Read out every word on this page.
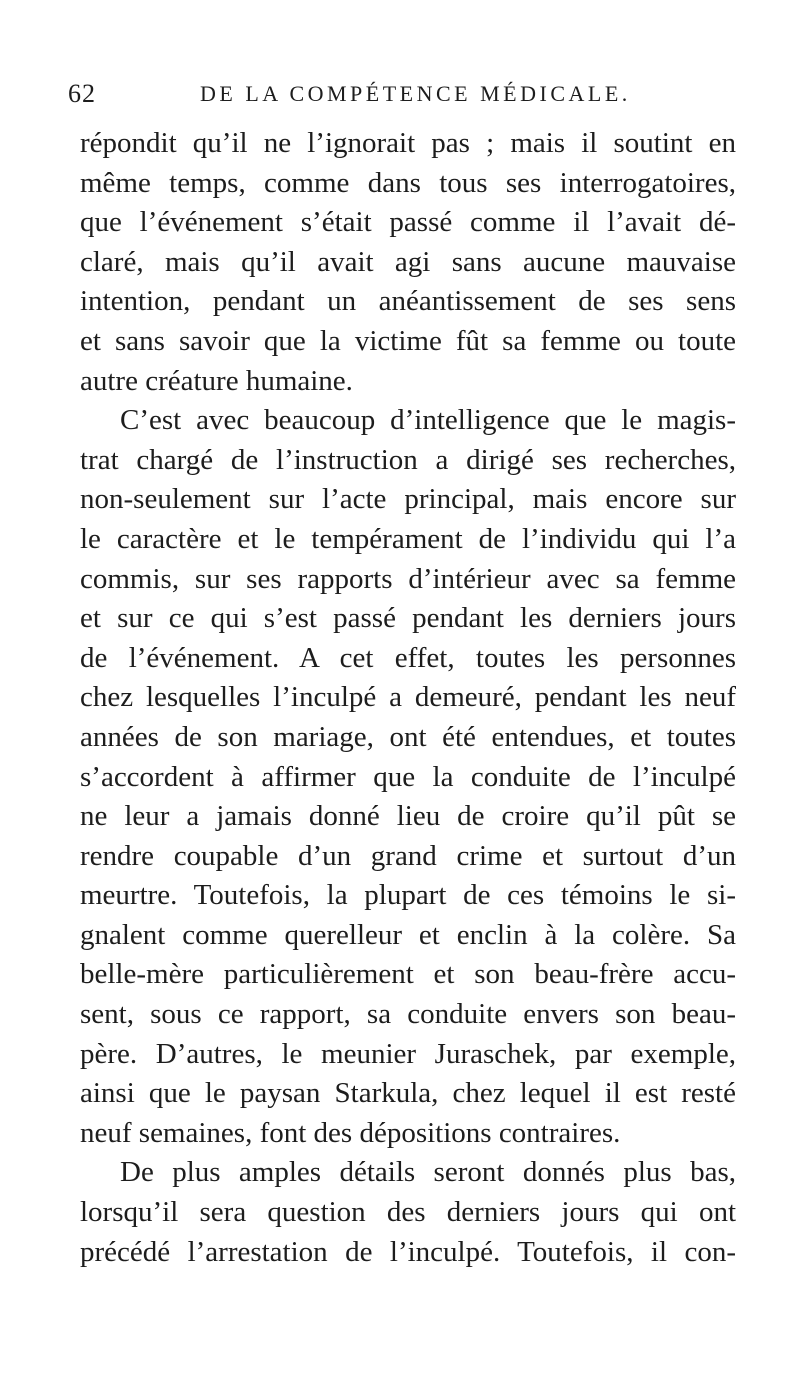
62	DE LA COMPÉTENCE MÉDICALE.
répondit qu’il ne l’ignorait pas ; mais il soutint en
même temps, comme dans tous ses interrogatoires,
que l’événement s’était passé comme il l’avait dé-
claré, mais qu’il avait agi sans aucune mauvaise
intention, pendant un anéantissement de ses sens
et sans savoir que la victime fût sa femme ou toute
autre créature humaine.
C’est avec beaucoup d’intelligence que le magis-
trat chargé de l’instruction a dirigé ses recherches,
non-seulement sur l’acte principal, mais encore sur
le caractère et le tempérament de l’individu qui l’a
commis, sur ses rapports d’intérieur avec sa femme
et sur ce qui s’est passé pendant les derniers jours
de l’événement. A cet effet, toutes les personnes
chez lesquelles l’inculpé a demeuré, pendant les neuf
années de son mariage, ont été entendues, et toutes
s’accordent à affirmer que la conduite de l’inculpé
ne leur a jamais donné lieu de croire qu’il pût se
rendre coupable d’un grand crime et surtout d’un
meurtre. Toutefois, la plupart de ces témoins le si-
gnalent comme querelleur et enclin à la colère. Sa
belle-mère particulièrement et son beau-frère accu-
sent, sous ce rapport, sa conduite envers son beau-
père. D’autres, le meunier Juraschek, par exemple,
ainsi que le paysan Starkula, chez lequel il est resté
neuf semaines, font des dépositions contraires.
De plus amples détails seront donnés plus bas,
lorsqu’il sera question des derniers jours qui ont
précédé l’arrestation de l’inculpé. Toutefois, il con-
